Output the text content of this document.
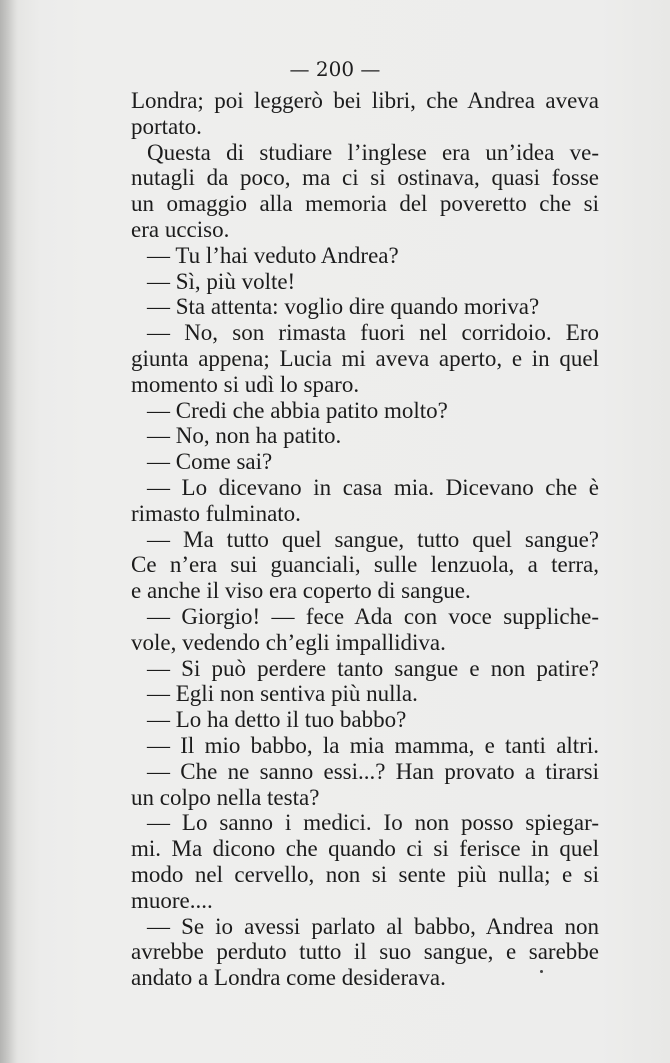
— 200 —
Londra; poi leggerò bei libri, che Andrea aveva
portato.
Questa di studiare l’inglese era un’idea ve-
nutagli da poco, ma ci si ostinava, quasi fosse
un omaggio alla memoria del poveretto che si
era ucciso.
— Tu l’hai veduto Andrea?
— Sì, più volte!
— Sta attenta: voglio dire quando moriva?
— No, son rimasta fuori nel corridoio. Ero
giunta appena; Lucia mi aveva aperto, e in quel
momento si udì lo sparo.
— Credi che abbia patito molto?
— No, non ha patito.
— Come sai?
— Lo dicevano in casa mia. Dicevano che è
rimasto fulminato.
— Ma tutto quel sangue, tutto quel sangue?
Ce n’era sui guanciali, sulle lenzuola, a terra,
e anche il viso era coperto di sangue.
— Giorgio! — fece Ada con voce suppliche-
vole, vedendo ch’egli impallidiva.
— Si può perdere tanto sangue e non patire?
— Egli non sentiva più nulla.
— Lo ha detto il tuo babbo?
— Il mio babbo, la mia mamma, e tanti altri.
— Che ne sanno essi...? Han provato a tirarsi
un colpo nella testa?
— Lo sanno i medici. Io non posso spiegar-
mi. Ma dicono che quando ci si ferisce in quel
modo nel cervello, non si sente più nulla; e si
muore....
— Se io avessi parlato al babbo, Andrea non
avrebbe perduto tutto il suo sangue, e sarebbe
andato a Londra come desiderava.
